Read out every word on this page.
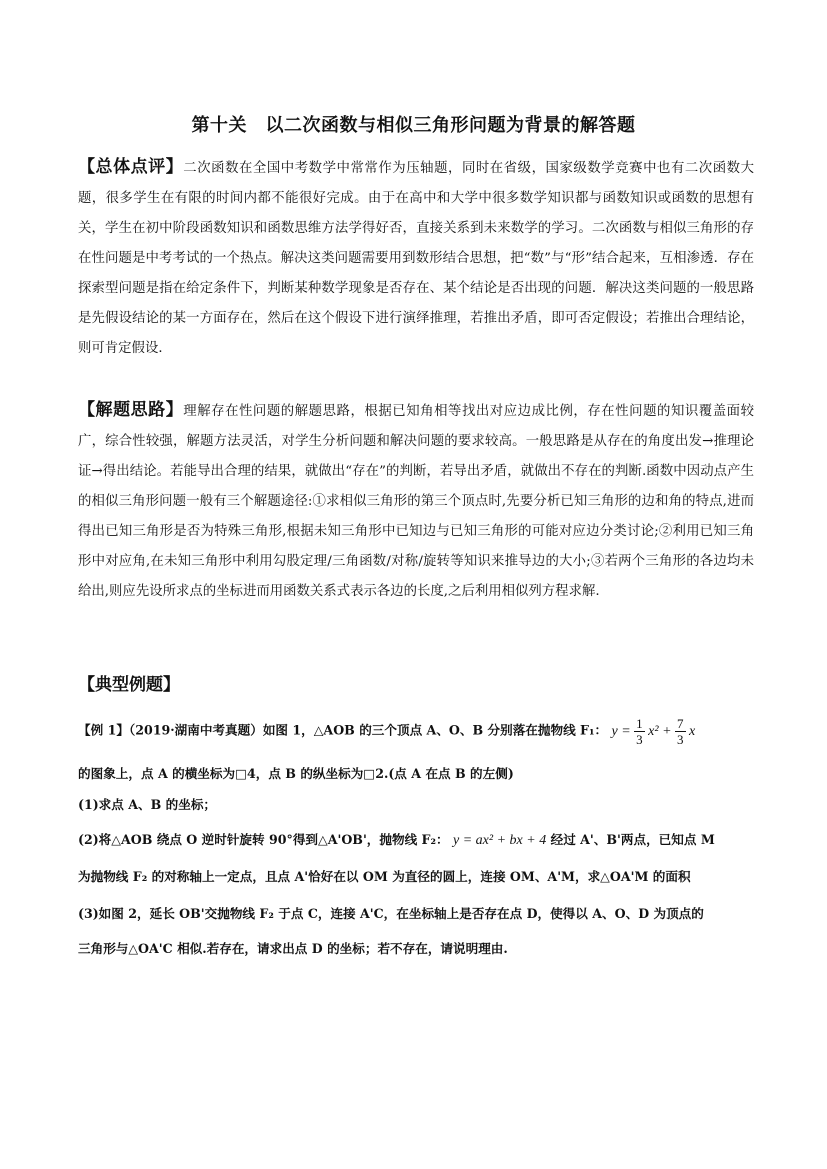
第十关　以二次函数与相似三角形问题为背景的解答题
【总体点评】二次函数在全国中考数学中常常作为压轴题，同时在省级，国家级数学竞赛中也有二次函数大题，很多学生在有限的时间内都不能很好完成。由于在高中和大学中很多数学知识都与函数知识或函数的思想有关，学生在初中阶段函数知识和函数思维方法学得好否，直接关系到未来数学的学习。二次函数与相似三角形的存在性问题是中考考试的一个热点。解决这类问题需要用到数形结合思想，把“数”与“形”结合起来，互相渗透．存在探索型问题是指在给定条件下，判断某种数学现象是否存在、某个结论是否出现的问题．解决这类问题的一般思路是先假设结论的某一方面存在，然后在这个假设下进行演绎推理，若推出矛盾，即可否定假设；若推出合理结论，则可肯定假设．
【解题思路】理解存在性问题的解题思路，根据已知角相等找出对应边成比例，存在性问题的知识覆盖面较广，综合性较强，解题方法灵活，对学生分析问题和解决问题的要求较高。一般思路是从存在的角度出发→推理论证→得出结论。若能导出合理的结果，就做出“存在”的判断，若导出矛盾，就做出不存在的判断.函数中因动点产生的相似三角形问题一般有三个解题途径:①求相似三角形的第三个顶点时,先要分析已知三角形的边和角的特点,进而得出已知三角形是否为特殊三角形,根据未知三角形中已知边与已知三角形的可能对应边分类讨论;②利用已知三角形中对应角,在未知三角形中利用勾股定理/三角函数/对称/旋转等知识来推导边的大小;③若两个三角形的各边均未给出,则应先设所求点的坐标进而用函数关系式表示各边的长度,之后利用相似列方程求解.
【典型例题】
【例 1】（2019·湖南中考真题）如图 1，△AOB 的三个顶点 A、O、B 分别落在抛物线 F₁： $y = \frac{1}{3} x^2 + \frac{7}{3}$ x
的图象上，点 A 的横坐标为□4，点 B 的纵坐标为□2.(点 A 在点 B 的左侧)
(1)求点 A、B 的坐标；
(2)将△AOB 绕点 O 逆时针旋转 90°得到△A'OB'，抛物线 F₂： y = ax² + bx + 4 经过 A'、B'两点，已知点 M
为抛物线 F₂ 的对称轴上一定点，且点 A'恰好在以 OM 为直径的圆上，连接 OM、A'M，求△OA'M 的面积
(3)如图 2，延长 OB'交抛物线 F₂ 于点 C，连接 A'C，在坐标轴上是否存在点 D，使得以 A、O、D 为顶点的
三角形与△OA'C 相似.若存在，请求出点 D 的坐标；若不存在，请说明理由.
